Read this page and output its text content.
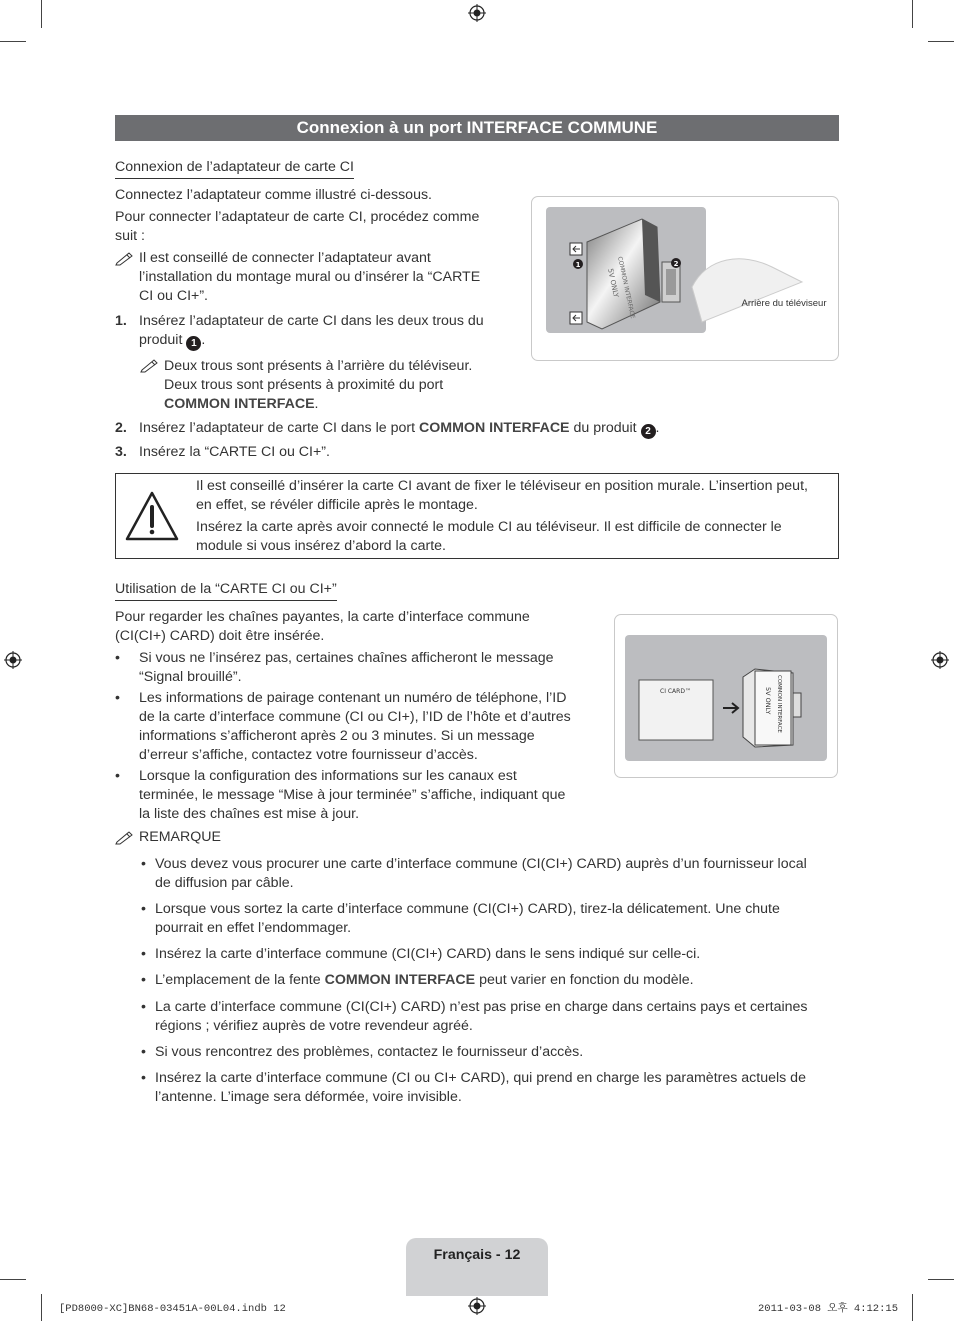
Connexion à un port INTERFACE COMMUNE
Connexion de l’adaptateur de carte CI
Connectez l’adaptateur comme illustré ci-dessous.
Pour connecter l’adaptateur de carte CI, procédez comme
suit :
Il est conseillé de connecter l’adaptateur avant
l’installation du montage mural ou d’insérer la “CARTE
CI ou CI+”.
1. Insérez l’adaptateur de carte CI dans les deux trous du
produit 1 .
Deux trous sont présents à l’arrière du téléviseur.
Deux trous sont présents à proximité du port
COMMON INTERFACE.
2. Insérez l’adaptateur de carte CI dans le port COMMON INTERFACE du produit 2 .
3. Insérez la “CARTE CI ou CI+”.
COMMON INTERFACE
5V ONLY
1	2
Arrière du téléviseur
Il est conseillé d’insérer la carte CI avant de fixer le téléviseur en position murale. L’insertion peut,
en effet, se révéler difficile après le montage.
Insérez la carte après avoir connecté le module CI au téléviseur. Il est difficile de connecter le
module si vous insérez d’abord la carte.
Utilisation de la “CARTE CI ou CI+”
Pour regarder les chaînes payantes, la carte d’interface commune
(CI(CI+) CARD) doit être insérée.
• Si vous ne l’insérez pas, certaines chaînes afficheront le message
“Signal brouillé”.
• Les informations de pairage contenant un numéro de téléphone, l’ID
de la carte d’interface commune (CI ou CI+), l’ID de l’hôte et d’autres
informations s’afficheront après 2 ou 3 minutes. Si un message
d’erreur s’affiche, contactez votre fournisseur d’accès.
• Lorsque la configuration des informations sur les canaux est
terminée, le message “Mise à jour terminée” s’affiche, indiquant que
la liste des chaînes est mise à jour.
CI CARD™	COMMON INTERFACE
5V ONLY
REMARQUE
• Vous devez vous procurer une carte d’interface commune (CI(CI+) CARD) auprès d’un fournisseur local
de diffusion par câble.
• Lorsque vous sortez la carte d’interface commune (CI(CI+) CARD), tirez-la délicatement. Une chute
pourrait en effet l’endommager.
• Insérez la carte d’interface commune (CI(CI+) CARD) dans le sens indiqué sur celle-ci.
• L’emplacement de la fente COMMON INTERFACE peut varier en fonction du modèle.
• La carte d’interface commune (CI(CI+) CARD) n’est pas prise en charge dans certains pays et certaines
régions ; vérifiez auprès de votre revendeur agréé.
• Si vous rencontrez des problèmes, contactez le fournisseur d’accès.
• Insérez la carte d’interface commune (CI ou CI+ CARD), qui prend en charge les paramètres actuels de
l’antenne. L’image sera déformée, voire invisible.
Français - 12
[PD8000-XC]BN68-03451A-00L04.indb 12	2011-03-08 오후 4:12:15
